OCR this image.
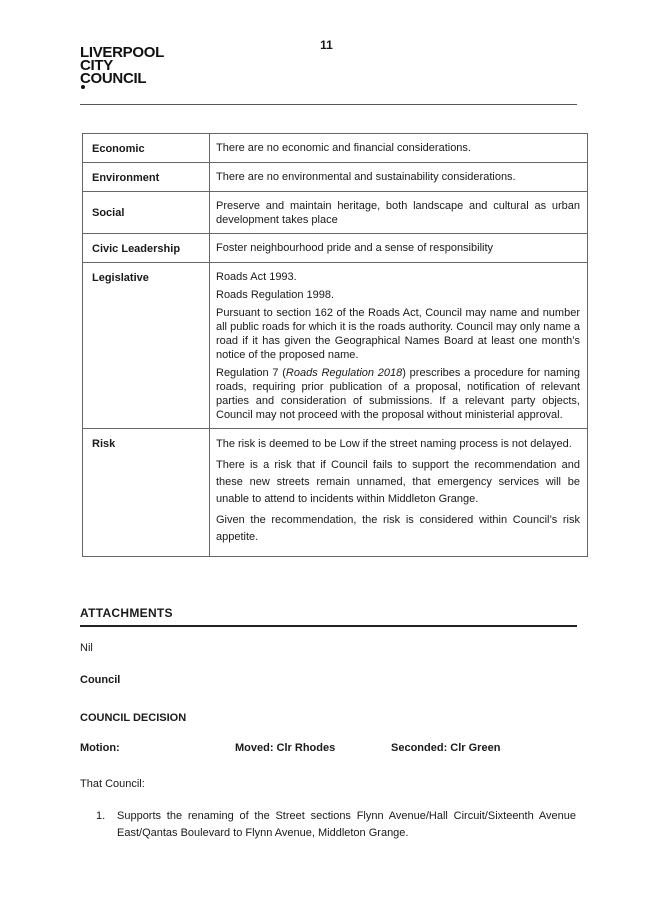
11
LIVERPOOL
CITY
COUNCIL
Economic	There are no economic and financial considerations.

Environment	There are no environmental and sustainability considerations.

Social	Preserve and maintain heritage, both landscape and cultural as urban development takes place

Civic Leadership	Foster neighbourhood pride and a sense of responsibility

Legislative	Roads Act 1993.

Roads Regulation 1998.

Pursuant to section 162 of the Roads Act, Council may name and number all public roads for which it is the roads authority. Council may only name a road if it has given the Geographical Names Board at least one month’s notice of the proposed name.

Regulation 7 (Roads Regulation 2018) prescribes a procedure for naming roads, requiring prior publication of a proposal, notification of relevant parties and consideration of submissions. If a relevant party objects, Council may not proceed with the proposal without ministerial approval.

Risk	The risk is deemed to be Low if the street naming process is not delayed.

There is a risk that if Council fails to support the recommendation and these new streets remain unnamed, that emergency services will be unable to attend to incidents within Middleton Grange.

Given the recommendation, the risk is considered within Council’s risk appetite.

ATTACHMENTS
Nil
Council
COUNCIL DECISION
Motion:	Moved: Clr Rhodes	Seconded: Clr Green
That Council:
1. Supports the renaming of the Street sections Flynn Avenue/Hall Circuit/Sixteenth Avenue East/Qantas Boulevard to Flynn Avenue, Middleton Grange.
